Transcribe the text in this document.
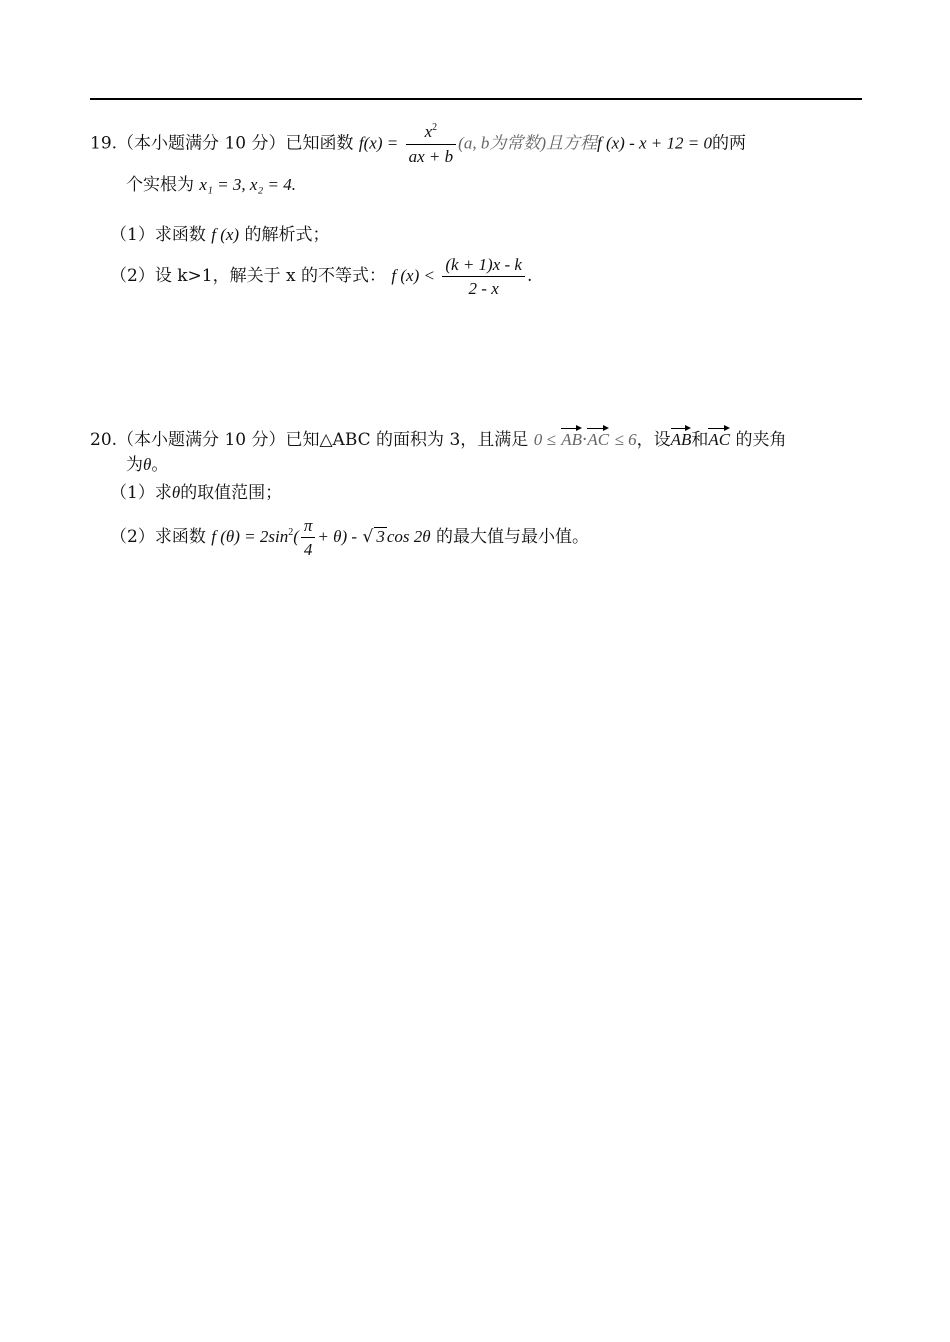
19.（本小题满分 10 分）已知函数 $f(x) = \frac{x^2}{ax + b} (a$, b为常数)且方程f (x) - x + 12 = 0的两
个实根为 x₁ = 3, x₂ = 4.
（1）求函数 f (x) 的解析式；
（2）设 k>1，解关于 x 的不等式： f $(x) < \frac{(k + 1)x - k}{2 - x}$ .
20.（本小题满分 10 分）已知△ABC 的面积为 3，且满足 0 ≤ AB·AC ≤ 6，设AB和AC 的夹角
为θ。
（1）求θ的取值范围；
（2）求函数 f $(\theta) = 2\sin^2( \frac{\pi}{4} + \theta)$ - √ 3 cos 2θ 的最大值与最小值。
